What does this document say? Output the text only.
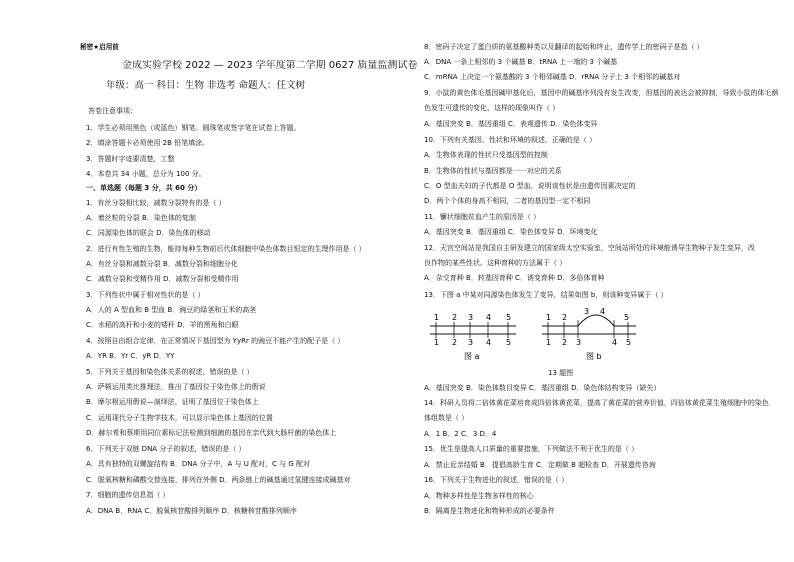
秘密★启用前
金成实验学校 2022 — 2023 学年度第二学期 0627 质量监测试卷
年级：高一 科目：生物 非选考 命题人：任文树
答卷注意事项：
1．学生必须用黑色（或蓝色）钢笔、圆珠笔或签字笔在试卷上答题。
2．填涂答题卡必须使用 2B 铅笔填涂。
3．答题时字迹要清楚，工整
4．本卷共 34 小题，总分为 100 分。
一、单选题（每题 3 分，共 60 分）
1．有丝分裂相比较，减数分裂特有的是（ ）
A．着丝粒的分裂 B．染色体的复制
C．同源染色体的联会 D．染色体的移动
2．进行有性生殖的生物，能持每种生物前后代体细胞中染色体数目恒定的生理作用是（ ）
A．有丝分裂和减数分裂 B．减数分裂和细胞分化
C．减数分裂和受精作用 D．减数分裂和受精作用
3．下列性状中属于相对性状的是（ ）
A．人的 A 型血和 B 型血 B．豌豆的绿茎和玉米的高茎
C．水稻的高秆和小麦的矮秆 D．羊的黑角和白眼
4．按照自由组合定律，在正常情况下基因型为 YyRr 的豌豆不能产生的配子是（ ）
A．YR B．Yr C．yR D．YY
5．下列关于基因和染色体关系的叙述，错误的是（ ）
A．萨顿运用类比推理法，推出了基因位于染色体上的假说
B．摩尔根运用假说—演绎法，证明了基因位于染色体上
C．运用现代分子生物学技术，可以显示染色体上基因的位置
D．赫尔希和蔡斯用同位素标记法检测到细菌的基因在亲代到大肠杆菌的染色体上
6．下列关于双链 DNA 分子的叙述，错误的是（ ）
A．具有独特的双螺旋结构 B．DNA 分子中，A 与 U 配对，C 与 G 配对
C．脱氧核糖和磷酸交替连接，排列在外侧 D．两条链上的碱基通过氢键连接成碱基对
7．细胞的遗传信息指（ ）
A．DNA B．RNA C．脱氧核苷酸排列顺序 D．核糖核苷酸排列顺序
8．密码子决定了蛋白质的氨基酸种类以及翻译的起始和终止，遗传学上的密码子是指（ ）
A．DNA 一条上相邻的 3 个碱基 B．tRNA 上一端的 3 个碱基
C．mRNA 上决定一个氨基酸的 3 个相邻碱基 D．rRNA 分子上 3 个相邻的碱基对
9．小鼠的黄色体毛基因碱甲基化后，基因中的碱基序列没有发生改变，但基因的表达会被抑制，导致小鼠的体毛颜
色发生可遗传的变化，这样的现象叫作（ ）
A．基因突变 B．基因重组 C．表观遗传 D．染色体变异
10．下列有关基因、性状和环境的叙述，正确的是（ ）
A．生物体表现的性状只受基因型的控制
B．生物体的性状与基因都是一一对应的关系
C．O 型血夫妇的子代都是 O 型血，说明该性状是由遗传因素决定的
D．两个个体的身高不相同，二者的基因型一定不相同
11．镰状细胞贫血产生的原因是（ ）
A．基因突变 B．基因重组 C．染色体变异 D．环境变化
12．天宫空间站是我国自主研发建立的国家级太空实验室，空间站所处的环境能诱导生物种子发生变异，改
良作物的某些性状。这种育种的方法属于（ ）
A．杂交育种 B．转基因育种 C．诱变育种 D．多倍体育种
13．下图 a 中某对同源染色体发生了变异，结果如图 b，则该种变异属于（ ）
1 2 3 4 5
1 2 3 4 5
图 a
1 2
3 4
5
1 2 3	4 5
图 b
13 题图
A．基因突变 B．染色体数目变异 C．基因重组 D．染色体结构变异（缺失）
14．科研人员将二倍体黄花菜培育成四倍体黄花菜，提高了黄花菜的营养价值，四倍体黄花菜生殖细胞中的染色
体组数是（ ）
A．1 B．2 C．3 D．4
15．优生是提高人口质量的重要措施，下列做法不利于优生的是（ ）
A．禁止近亲结婚 B．提倡高龄生育 C．定期做 B 超检查 D．开展遗传咨询
16．下列关于生物进化的叙述，错误的是（ ）
A．物种多样性是生物多样性的核心
B．隔离是生物进化和物种形成的必要条件
